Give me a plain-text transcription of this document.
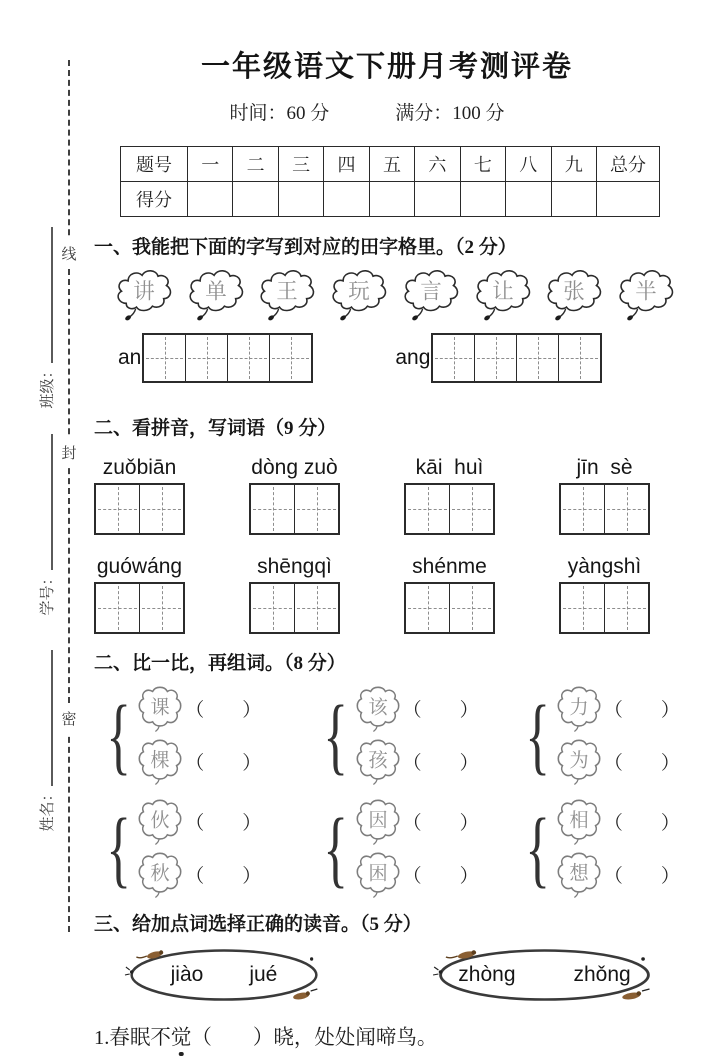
线
封
密
班级：
学号：
姓名：
一年级语文下册月考测评卷
时间：60 分	满分：100 分
题号	一	二	三	四	五	六	七	八	九	总分
得分										
一、我能把下面的字写到对应的田字格里。（2 分）
讲 单 王 玩 言 让 张 半
an	ang
二、看拼音，写词语（9 分）
zuǒbiān	dòng zuò	kāi  huì	jīn  sè
guówáng	shēngqì	shénme	yàngshì
二、比一比，再组词。（8 分）
{ 课 （　　）
棵 （　　） { 该 （　　）
孩 （　　） { 力 （　　）
为 （　　）
{ 伙 （　　）
秋 （　　） { 因 （　　）
困 （　　） { 相 （　　）
想 （　　）
三、给加点词选择正确的读音。（5 分）
jiào jué	zhòng	zhǒng
1.春眠不觉（　　）晓，处处闻啼鸟。
